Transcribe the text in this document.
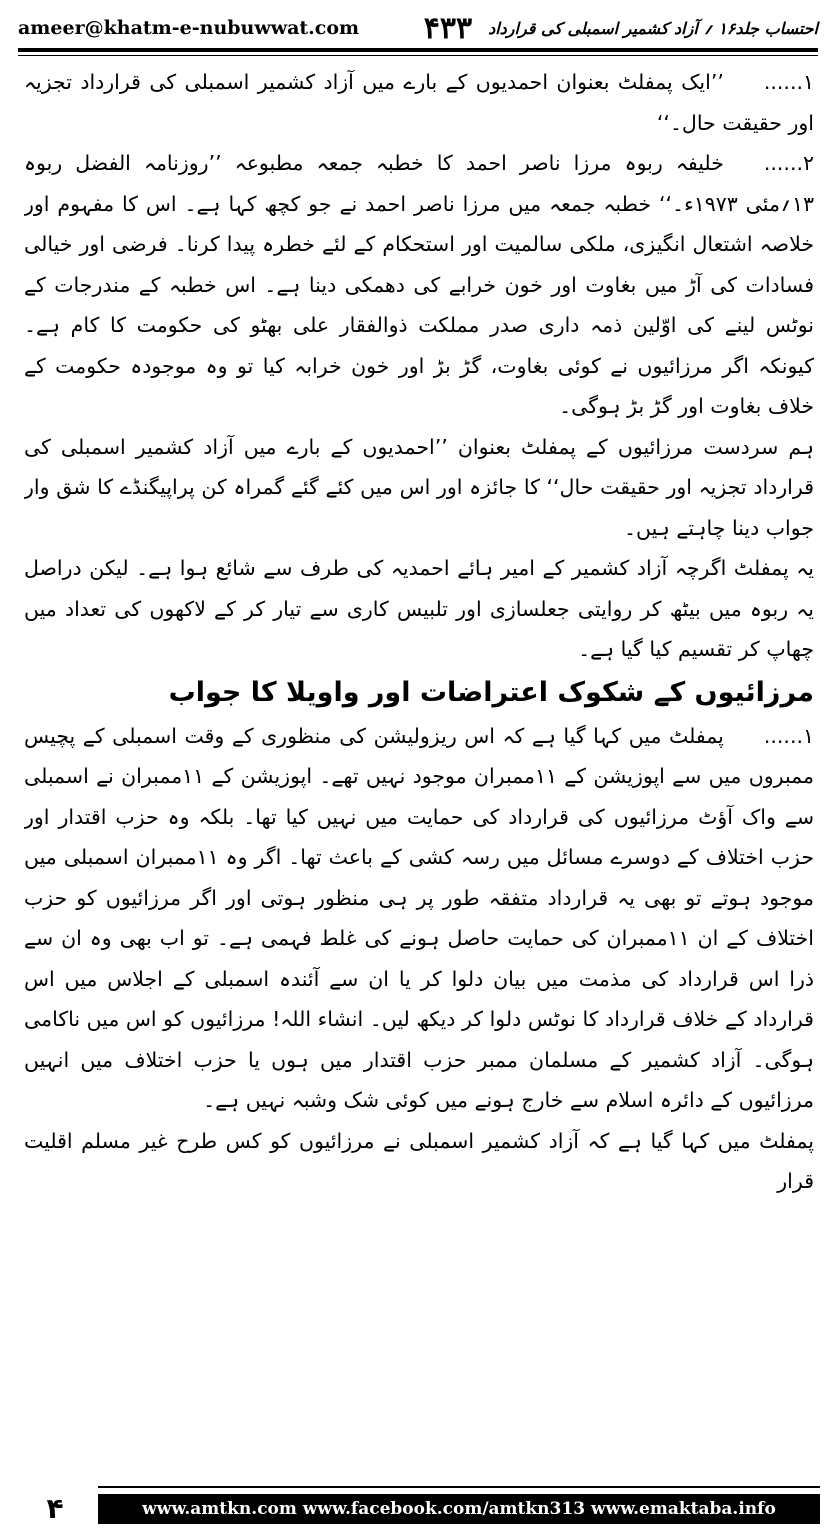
ameer@khatm-e-nubuwwat.com	احتساب جلد۱۶ ؍ آزاد کشمیر اسمبلی کی قرارداد
۴۳۳

۱......’’ایک پمفلٹ بعنوان احمدیوں کے بارے میں آزاد کشمیر اسمبلی کی قرارداد تجزیہ اور حقیقت حال۔‘‘

۲......خلیفہ ربوہ مرزا ناصر احمد کا خطبہ جمعہ مطبوعہ ’’روزنامہ الفضل ربوہ ۱۳؍مئی ۱۹۷۳ء۔‘‘ خطبہ جمعہ میں مرزا ناصر احمد نے جو کچھ کہا ہے۔ اس کا مفہوم اور خلاصہ اشتعال انگیزی، ملکی سالمیت اور استحکام کے لئے خطرہ پیدا کرنا۔ فرضی اور خیالی فسادات کی آڑ میں بغاوت اور خون خرابے کی دھمکی دینا ہے۔ اس خطبہ کے مندرجات کے نوٹس لینے کی اوّلین ذمہ داری صدر مملکت ذوالفقار علی بھٹو کی حکومت کا کام ہے۔ کیونکہ اگر مرزائیوں نے کوئی بغاوت، گڑ بڑ اور خون خرابہ کیا تو وہ موجودہ حکومت کے خلاف بغاوت اور گڑ بڑ ہوگی۔

ہم سردست مرزائیوں کے پمفلٹ بعنوان ’’احمدیوں کے بارے میں آزاد کشمیر اسمبلی کی قرارداد تجزیہ اور حقیقت حال‘‘ کا جائزہ اور اس میں کئے گئے گمراہ کن پراپیگنڈے کا شق وار جواب دینا چاہتے ہیں۔

یہ پمفلٹ اگرچہ آزاد کشمیر کے امیر ہائے احمدیہ کی طرف سے شائع ہوا ہے۔ لیکن دراصل یہ ربوہ میں بیٹھ کر روایتی جعلسازی اور تلبیس کاری سے تیار کر کے لاکھوں کی تعداد میں چھاپ کر تقسیم کیا گیا ہے۔

مرزائیوں کے شکوک اعتراضات اور واویلا کا جواب

۱......پمفلٹ میں کہا گیا ہے کہ اس ریزولیشن کی منظوری کے وقت اسمبلی کے پچیس ممبروں میں سے اپوزیشن کے ۱۱ممبران موجود نہیں تھے۔ اپوزیشن کے ۱۱ممبران نے اسمبلی سے واک آؤٹ مرزائیوں کی قرارداد کی حمایت میں نہیں کیا تھا۔ بلکہ وہ حزب اقتدار اور حزب اختلاف کے دوسرے مسائل میں رسہ کشی کے باعث تھا۔ اگر وہ ۱۱ممبران اسمبلی میں موجود ہوتے تو بھی یہ قرارداد متفقہ طور پر ہی منظور ہوتی اور اگر مرزائیوں کو حزب اختلاف کے ان ۱۱ممبران کی حمایت حاصل ہونے کی غلط فہمی ہے۔ تو اب بھی وہ ان سے ذرا اس قرارداد کی مذمت میں بیان دلوا کر یا ان سے آئندہ اسمبلی کے اجلاس میں اس قرارداد کے خلاف قرارداد کا نوٹس دلوا کر دیکھ لیں۔ انشاء اللہ! مرزائیوں کو اس میں ناکامی ہوگی۔ آزاد کشمیر کے مسلمان ممبر حزب اقتدار میں ہوں یا حزب اختلاف میں انہیں مرزائیوں کے دائرہ اسلام سے خارج ہونے میں کوئی شک وشبہ نہیں ہے۔

پمفلٹ میں کہا گیا ہے کہ آزاد کشمیر اسمبلی نے مرزائیوں کو کس طرح غیر مسلم اقلیت قرار

www.amtkn.com www.facebook.com/amtkn313 www.emaktaba.info
۴
